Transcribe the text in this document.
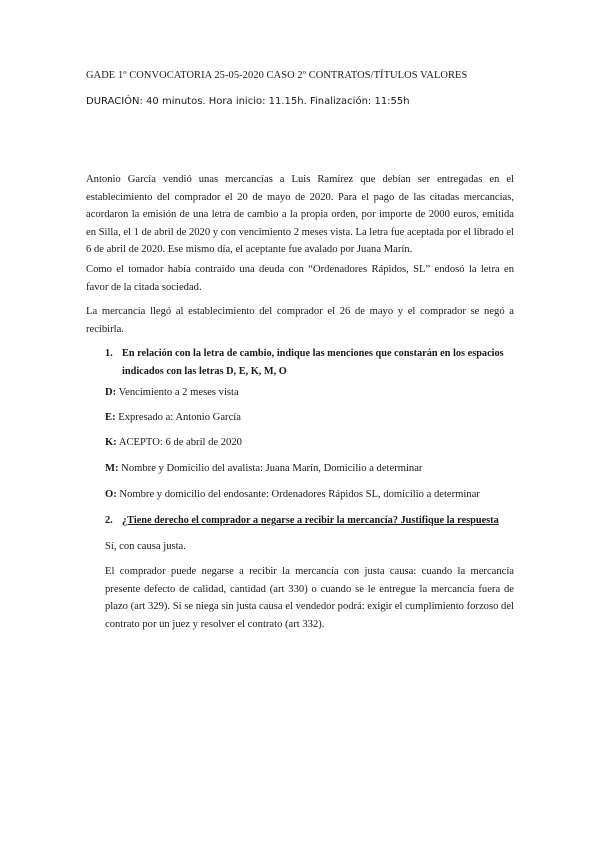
GADE 1º CONVOCATORIA 25-05-2020 CASO 2º CONTRATOS/TÍTULOS VALORES
DURACIÓN: 40 minutos. Hora inicio: 11.15h. Finalización: 11:55h
Antonio García vendió unas mercancías a Luis Ramírez que debían ser entregadas en el establecimiento del comprador el 20 de mayo de 2020. Para el pago de las citadas mercancías, acordaron la emisión de una letra de cambio a la propia orden, por importe de 2000 euros, emitida en Silla, el 1 de abril de 2020 y con vencimiento 2 meses vista. La letra fue aceptada por el librado el 6 de abril de 2020. Ese mismo día, el aceptante fue avalado por Juana Marín.
Como el tomador había contraído una deuda con “Ordenadores Rápidos, SL” endosó la letra en favor de la citada sociedad.
La mercancía llegó al establecimiento del comprador el 26 de mayo y el comprador se negó a recibirla.
1. En relación con la letra de cambio, indique las menciones que constarán en los espacios indicados con las letras D, E, K, M, O
D: Vencimiento a 2 meses vista
E: Expresado a: Antonio García
K: ACEPTO: 6 de abril de 2020
M: Nombre y Domicilio del avalista: Juana Marín, Domicilio a determinar
O: Nombre y domicilio del endosante: Ordenadores Rápidos SL, domicilio a determinar
2. ¿Tiene derecho el comprador a negarse a recibir la mercancía? Justifique la respuesta
Sí, con causa justa.
El comprador puede negarse a recibir la mercancía con justa causa: cuando la mercancía presente defecto de calidad, cantidad (art 330) o cuando se le entregue la mercancía fuera de plazo (art 329). Si se niega sin justa causa el vendedor podrá: exigir el cumplimiento forzoso del contrato por un juez y resolver el contrato (art 332).
